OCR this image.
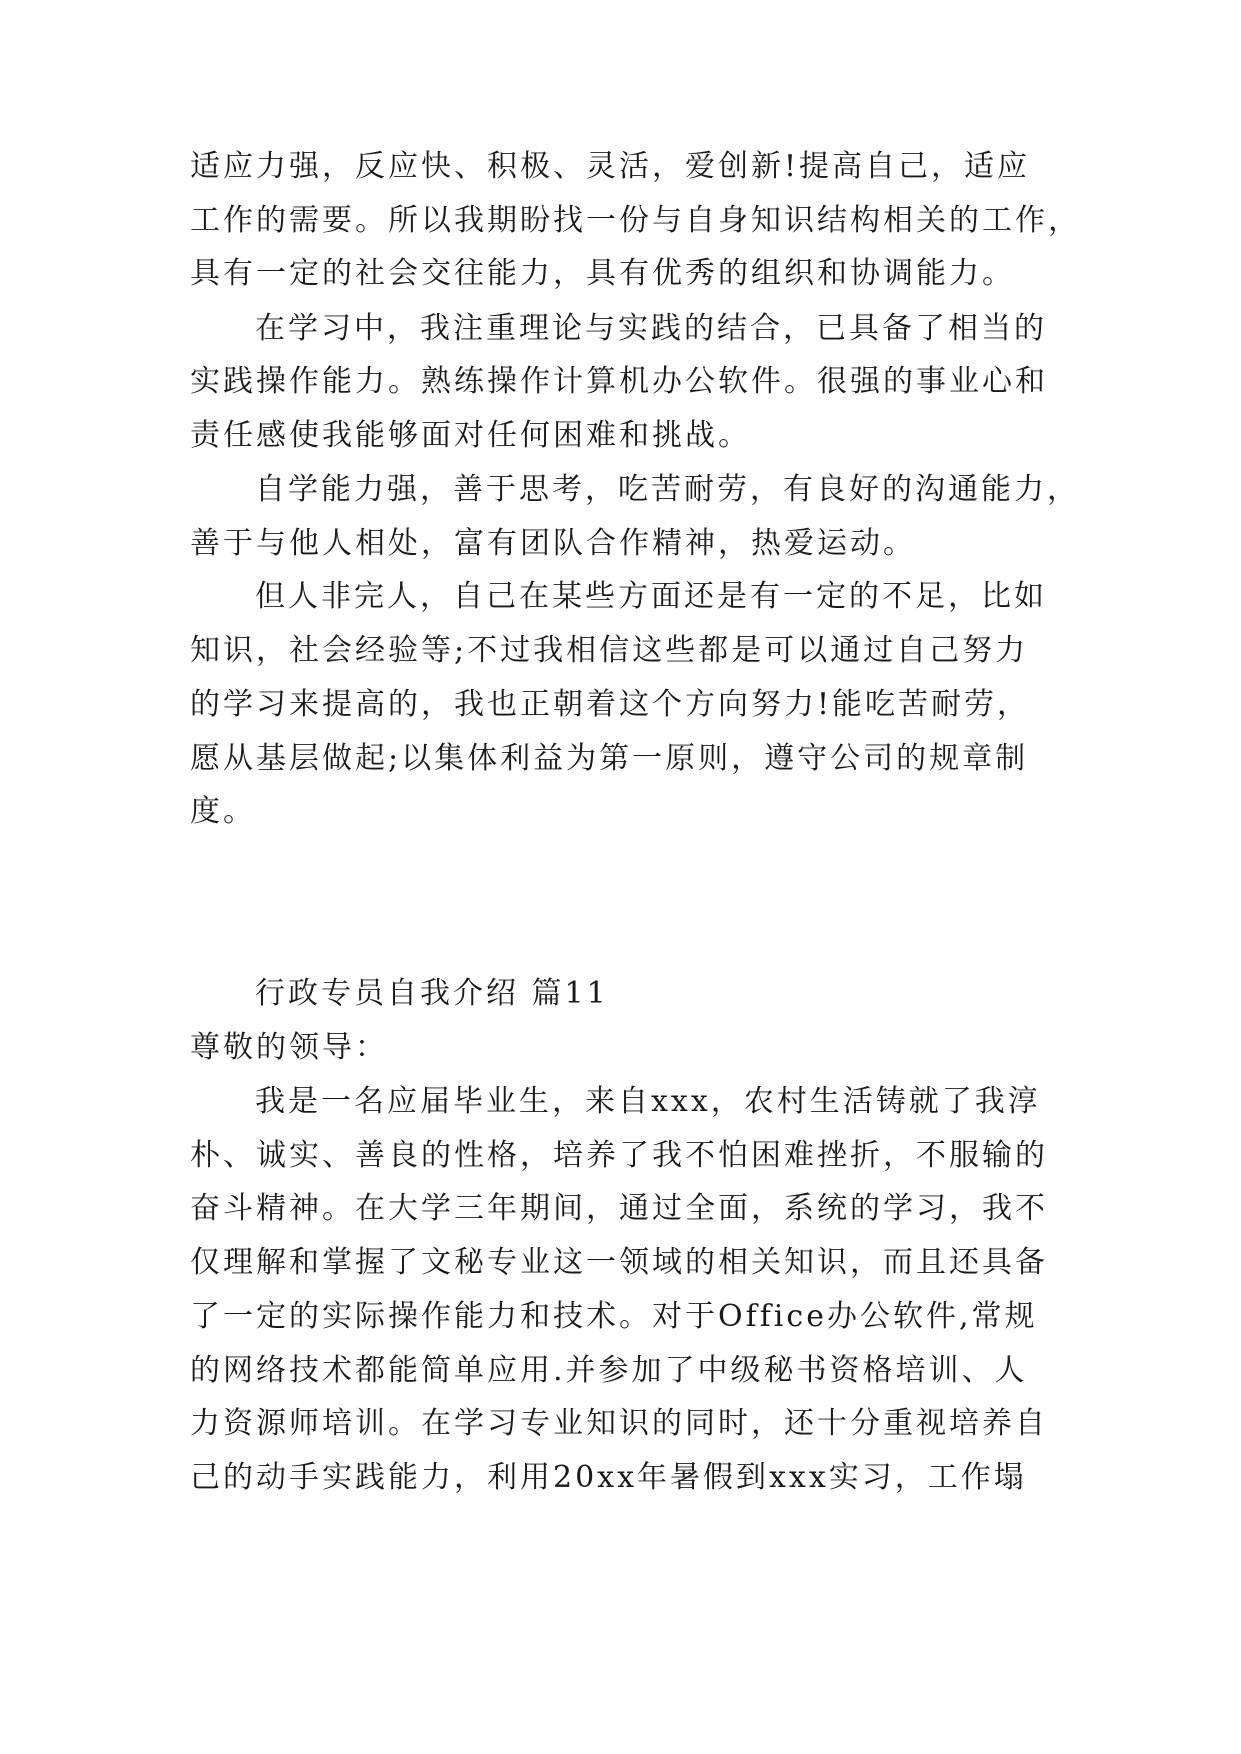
适应力强，反应快、积极、灵活，爱创新!提高自己，适应
工作的需要。所以我期盼找一份与自身知识结构相关的工作，
具有一定的社会交往能力，具有优秀的组织和协调能力。
在学习中，我注重理论与实践的结合，已具备了相当的
实践操作能力。熟练操作计算机办公软件。很强的事业心和
责任感使我能够面对任何困难和挑战。
自学能力强，善于思考，吃苦耐劳，有良好的沟通能力，
善于与他人相处，富有团队合作精神，热爱运动。
但人非完人，自己在某些方面还是有一定的不足，比如
知识，社会经验等;不过我相信这些都是可以通过自己努力
的学习来提高的，我也正朝着这个方向努力!能吃苦耐劳，
愿从基层做起;以集体利益为第一原则，遵守公司的规章制
度。
行政专员自我介绍 篇11
尊敬的领导：
我是一名应届毕业生，来自xxx，农村生活铸就了我淳
朴、诚实、善良的性格，培养了我不怕困难挫折，不服输的
奋斗精神。在大学三年期间，通过全面，系统的学习，我不
仅理解和掌握了文秘专业这一领域的相关知识，而且还具备
了一定的实际操作能力和技术。对于Office办公软件,常规
的网络技术都能简单应用.并参加了中级秘书资格培训、人
力资源师培训。在学习专业知识的同时，还十分重视培养自
己的动手实践能力，利用20xx年暑假到xxx实习，工作塌
